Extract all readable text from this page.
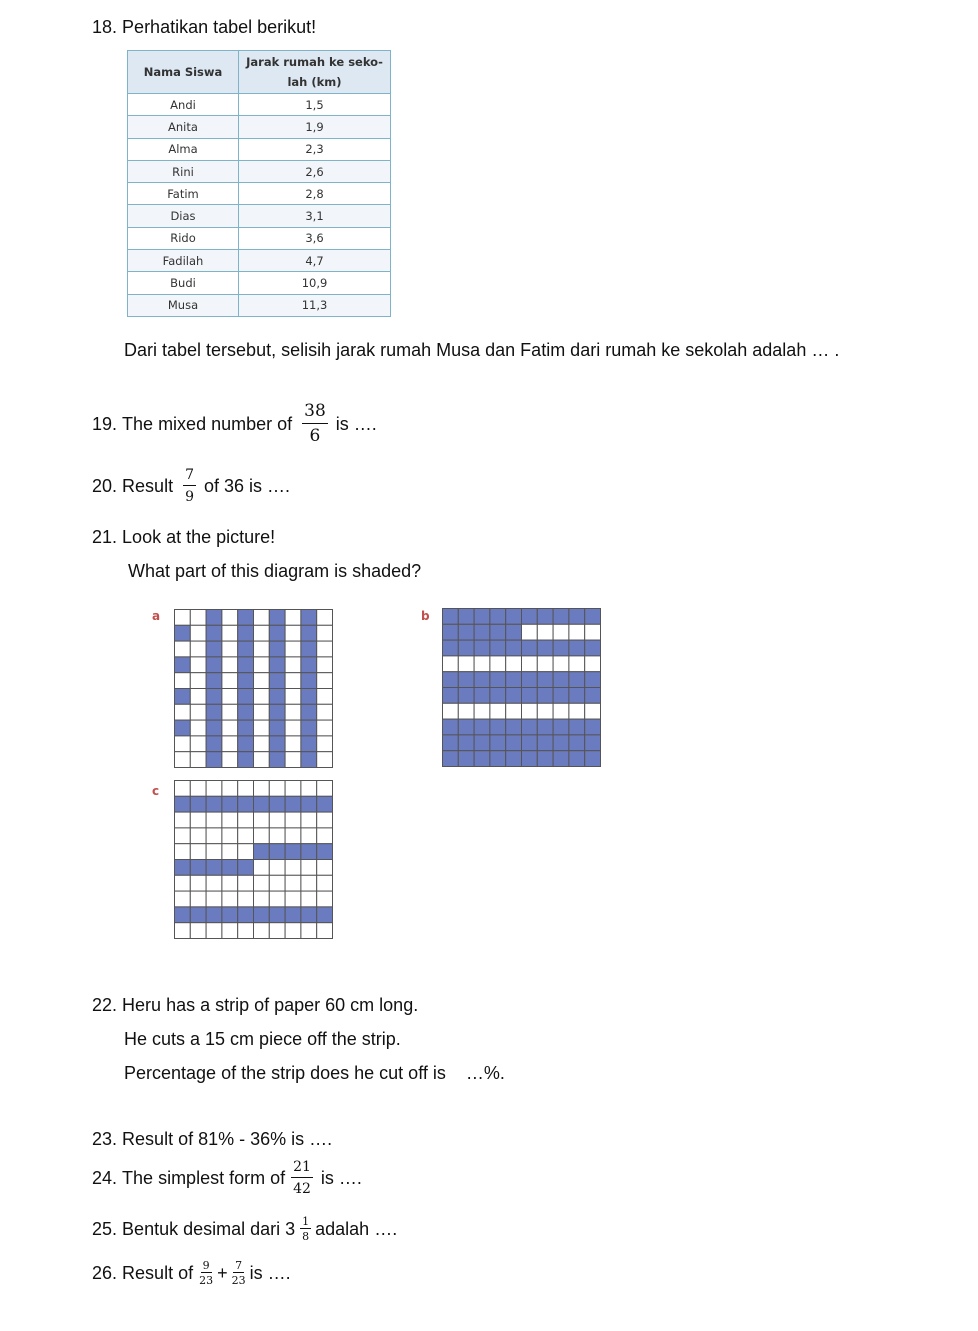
18. Perhatikan tabel berikut!
Nama Siswa	Jarak rumah ke seko-
lah (km)
Andi	1,5
Anita	1,9
Alma	2,3
Rini	2,6
Fatim	2,8
Dias	3,1
Rido	3,6
Fadilah	4,7
Budi	10,9
Musa	11,3
Dari tabel tersebut, selisih jarak rumah Musa dan Fatim dari rumah ke sekolah adalah … .
19.
The mixed number of $\frac{38}{6}$ is ….
20.
Result $\frac{7}{9}$ of 36 is ….
21. Look at the picture!
What part of this diagram is shaded?
a	b
c
22. Heru has a strip of paper 60 cm long.
He cuts a 15 cm piece off the strip.
Percentage of the strip does he cut off is    …%.
23. Result of 81% - 36% is ….
24.
The simplest form of $\frac{21}{42}$ is ….
25.
Bentuk desimal dari $3 \frac{1}{8}$ adalah ….
26.
Result of $\frac{9}{23} + \frac{7}{23}$ is ….
